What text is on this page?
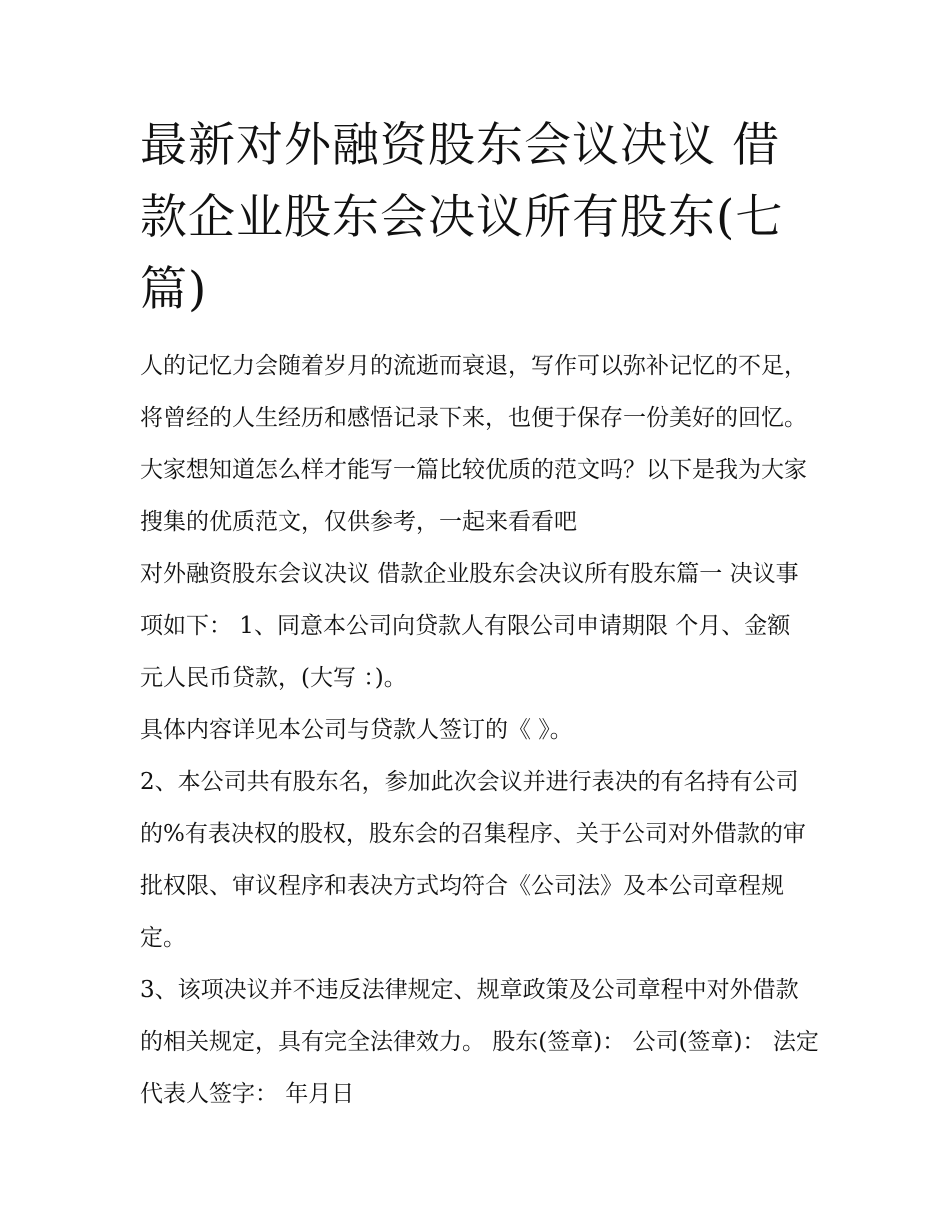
最新对外融资股东会议决议 借款企业股东会决议所有股东(七篇)

人的记忆力会随着岁月的流逝而衰退，写作可以弥补记忆的不足，将曾经的人生经历和感悟记录下来，也便于保存一份美好的回忆。大家想知道怎么样才能写一篇比较优质的范文吗？以下是我为大家搜集的优质范文，仅供参考，一起来看看吧

对外融资股东会议决议 借款企业股东会决议所有股东篇一 决议事项如下： 1、同意本公司向贷款人有限公司申请期限 个月、金额 元人民币贷款，(大写 ：)。

具体内容详见本公司与贷款人签订的《 》。

2、本公司共有股东名，参加此次会议并进行表决的有名持有公司的%有表决权的股权，股东会的召集程序、关于公司对外借款的审批权限、审议程序和表决方式均符合《公司法》及本公司章程规定。

3、该项决议并不违反法律规定、规章政策及公司章程中对外借款的相关规定，具有完全法律效力。 股东(签章)： 公司(签章)： 法定代表人签字： 年月日
